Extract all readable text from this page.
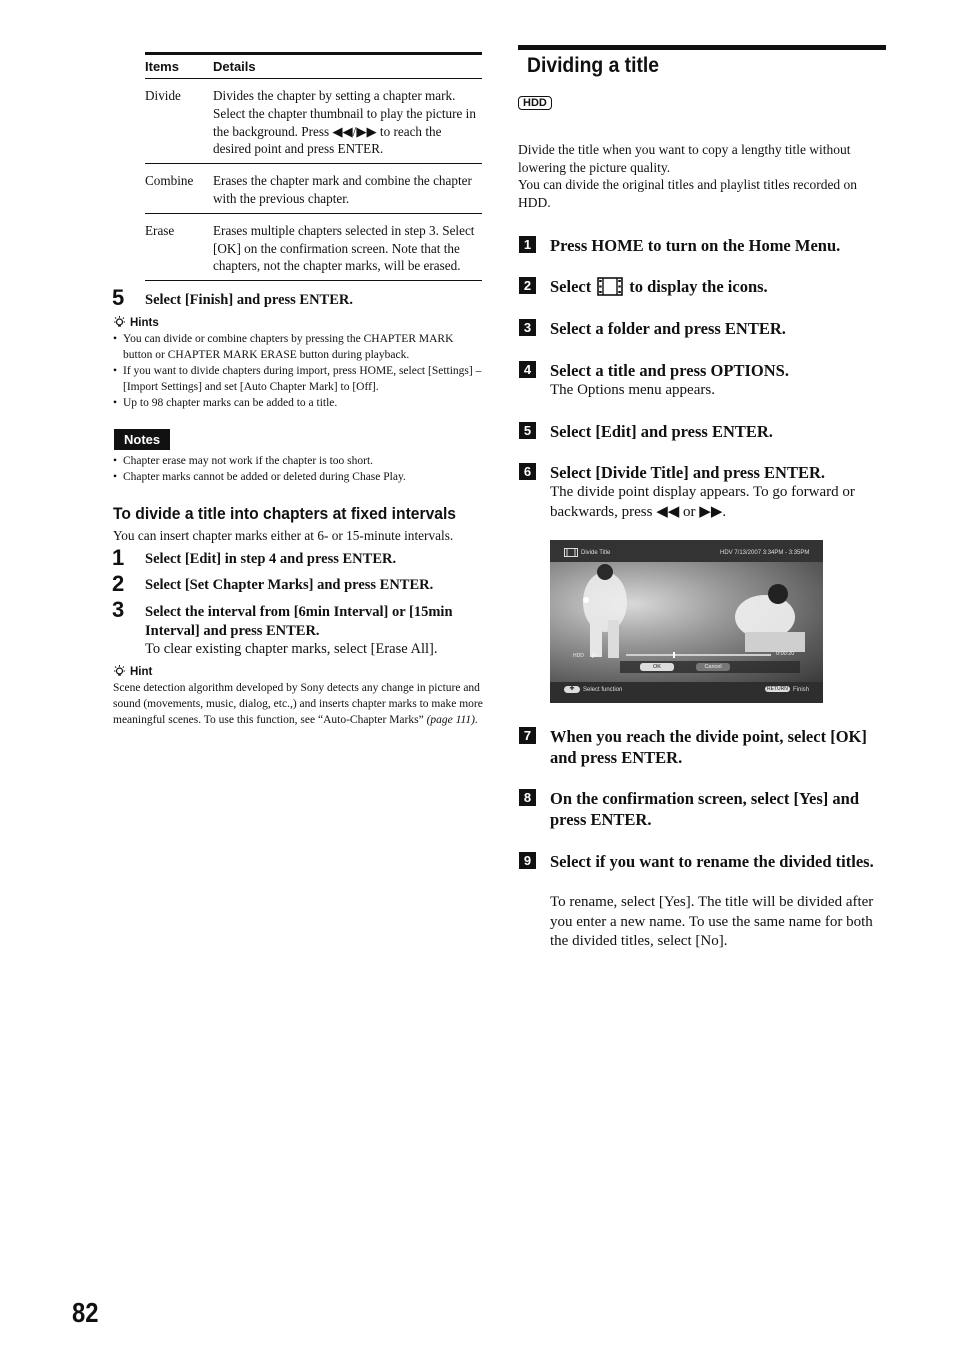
Items	Details
Divide	Divides the chapter by setting a chapter mark. Select the chapter thumbnail to play the picture in the background. Press ◀◀/▶▶ to reach the desired point and press ENTER.
Combine	Erases the chapter mark and combine the chapter with the previous chapter.
Erase	Erases multiple chapters selected in step 3. Select [OK] on the confirmation screen. Note that the chapters, not the chapter marks, will be erased.
5 Select [Finish] and press ENTER.
Hints
• You can divide or combine chapters by pressing the CHAPTER MARK button or CHAPTER MARK ERASE button during playback.
• If you want to divide chapters during import, press HOME, select [Settings] – [Import Settings] and set [Auto Chapter Mark] to [Off].
• Up to 98 chapter marks can be added to a title.
Notes
• Chapter erase may not work if the chapter is too short.
• Chapter marks cannot be added or deleted during Chase Play.
To divide a title into chapters at fixed intervals
You can insert chapter marks either at 6- or 15-minute intervals.
1 Select [Edit] in step 4 and press ENTER.
2 Select [Set Chapter Marks] and press ENTER.
3 Select the interval from [6min Interval] or [15min Interval] and press ENTER.
To clear existing chapter marks, select [Erase All].
Hint
Scene detection algorithm developed by Sony detects any change in picture and sound (movements, music, dialog, etc.,) and inserts chapter marks to make more meaningful scenes. To use this function, see “Auto-Chapter Marks” (page 111).
Dividing a title
HDD
Divide the title when you want to copy a lengthy title without lowering the picture quality.
You can divide the original titles and playlist titles recorded on HDD.
1 Press HOME to turn on the Home Menu.
2 Select to display the icons.
3 Select a folder and press ENTER.
4 Select a title and press OPTIONS.
The Options menu appears.
5 Select [Edit] and press ENTER.
6 Select [Divide Title] and press ENTER.
The divide point display appears. To go forward or backwards, press ◀◀ or ▶▶.
Divide Title	HDV 7/13/2007 3:34PM - 3:35PM
HDD ▶	0:00:20
OK	Cancel
✚	Select function	RETURN Finish
7 When you reach the divide point, select [OK] and press ENTER.
8 On the confirmation screen, select [Yes] and press ENTER.
9 Select if you want to rename the divided titles.
To rename, select [Yes]. The title will be divided after you enter a new name. To use the same name for both the divided titles, select [No].
82
